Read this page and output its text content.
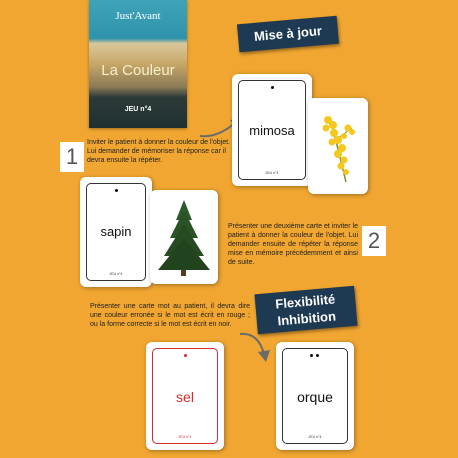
Just'Avant
La Couleur
JEU n°4
Mise à jour
1
Inviter le patient à donner la couleur de l'objet. Lui demander de mémoriser la réponse car il devra ensuite la répéter.
mimosa
JEU n°4
sapin
JEU n°4
Présenter une deuxième carte et inviter le patient à donner la couleur de l'objet. Lui demander ensuite de répéter la réponse mise en mémoire précédemment et ainsi de suite.
2
Flexibilité
Inhibition
Présenter une carte mot au patient, il devra dire une couleur erronée si le mot est écrit en rouge ; ou la forme correcte si le mot est écrit en noir.
sel
JEU n°4
orque
JEU n°4
